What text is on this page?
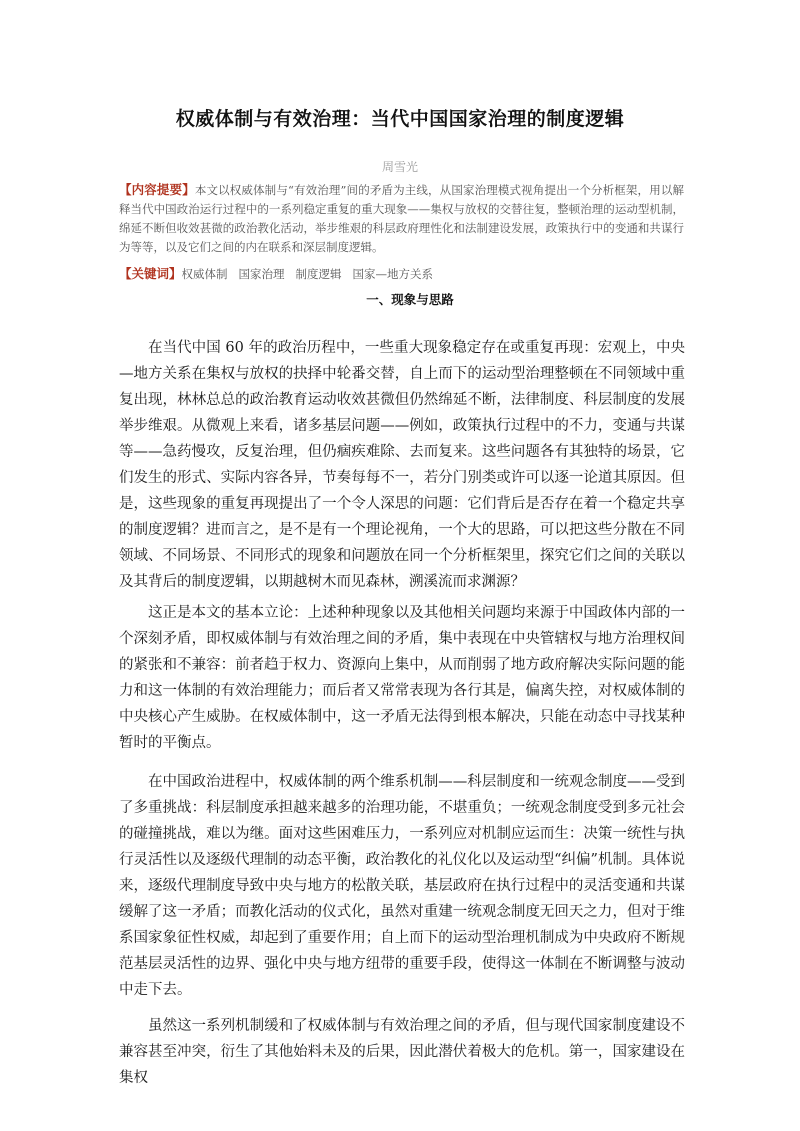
权威体制与有效治理：当代中国国家治理的制度逻辑
周雪光

【内容提要】本文以权威体制与“有效治理”间的矛盾为主线，从国家治理模式视角提出一个分析框架，用以解释当代中国政治运行过程中的一系列稳定重复的重大现象——集权与放权的交替往复，整顿治理的运动型机制，绵延不断但收效甚微的政治教化活动，举步维艰的科层政府理性化和法制建设发展，政策执行中的变通和共谋行为等等，以及它们之间的内在联系和深层制度逻辑。

【关键词】权威体制 国家治理 制度逻辑 国家—地方关系

一、现象与思路

在当代中国 60 年的政治历程中，一些重大现象稳定存在或重复再现：宏观上，中央—地方关系在集权与放权的抉择中轮番交替，自上而下的运动型治理整顿在不同领域中重复出现，林林总总的政治教育运动收效甚微但仍然绵延不断，法律制度、科层制度的发展举步维艰。从微观上来看，诸多基层问题——例如，政策执行过程中的不力，变通与共谋等——急药慢攻，反复治理，但仍痼疾难除、去而复来。这些问题各有其独特的场景，它们发生的形式、实际内容各异，节奏每每不一，若分门别类或许可以逐一论道其原因。但是，这些现象的重复再现提出了一个令人深思的问题：它们背后是否存在着一个稳定共享的制度逻辑？进而言之，是不是有一个理论视角，一个大的思路，可以把这些分散在不同领域、不同场景、不同形式的现象和问题放在同一个分析框架里，探究它们之间的关联以及其背后的制度逻辑，以期越树木而见森林，溯溪流而求渊源？

这正是本文的基本立论：上述种种现象以及其他相关问题均来源于中国政体内部的一个深刻矛盾，即权威体制与有效治理之间的矛盾，集中表现在中央管辖权与地方治理权间的紧张和不兼容：前者趋于权力、资源向上集中，从而削弱了地方政府解决实际问题的能力和这一体制的有效治理能力；而后者又常常表现为各行其是，偏离失控，对权威体制的中央核心产生威胁。在权威体制中，这一矛盾无法得到根本解决，只能在动态中寻找某种暂时的平衡点。

在中国政治进程中，权威体制的两个维系机制——科层制度和一统观念制度——受到了多重挑战：科层制度承担越来越多的治理功能，不堪重负；一统观念制度受到多元社会的碰撞挑战，难以为继。面对这些困难压力，一系列应对机制应运而生：决策一统性与执行灵活性以及逐级代理制的动态平衡，政治教化的礼仪化以及运动型“纠偏”机制。具体说来，逐级代理制度导致中央与地方的松散关联，基层政府在执行过程中的灵活变通和共谋缓解了这一矛盾；而教化活动的仪式化，虽然对重建一统观念制度无回天之力，但对于维系国家象征性权威，却起到了重要作用；自上而下的运动型治理机制成为中央政府不断规范基层灵活性的边界、强化中央与地方纽带的重要手段，使得这一体制在不断调整与波动中走下去。

虽然这一系列机制缓和了权威体制与有效治理之间的矛盾，但与现代国家制度建设不兼容甚至冲突，衍生了其他始料未及的后果，因此潜伏着极大的危机。第一，国家建设在集权
